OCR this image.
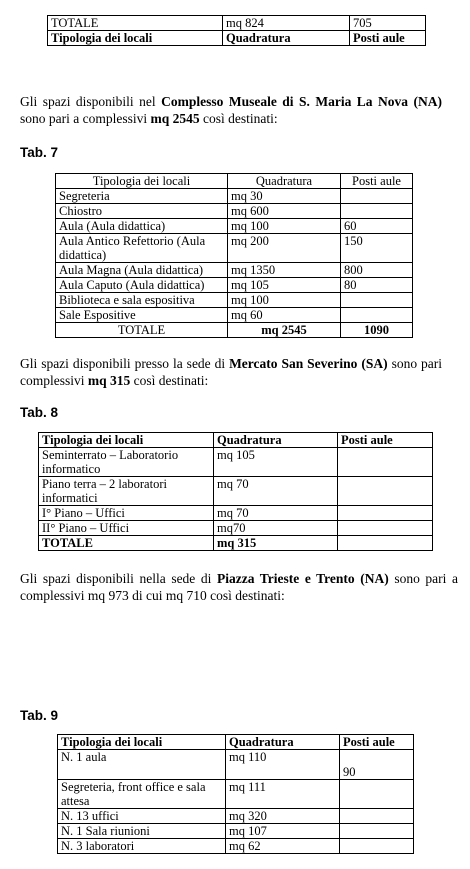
TOTALE	mq 824	705
Tipologia dei locali	Quadratura	Posti aule
Gli spazi disponibili nel Complesso Museale di S. Maria La Nova (NA) sono pari a complessivi mq 2545 così destinati:
Tab. 7
Tipologia dei locali	Quadratura	Posti aule
Segreteria	mq 30	
Chiostro	mq 600	
Aula (Aula didattica)	mq 100	60
Aula Antico Refettorio (Aula didattica)	mq 200	150
Aula Magna (Aula didattica)	mq 1350	800
Aula Caputo (Aula didattica)	mq 105	80
Biblioteca e sala espositiva	mq 100	
Sale Espositive	mq 60	
TOTALE	mq 2545	1090
Gli spazi disponibili presso la sede di Mercato San Severino (SA) sono pari complessivi mq 315 così destinati:
Tab. 8
Tipologia dei locali	Quadratura	Posti aule
Seminterrato – Laboratorio informatico	mq 105	
Piano terra – 2 laboratori informatici	mq 70	
I° Piano – Uffici	mq 70	
II° Piano – Uffici	mq70	
TOTALE	mq 315	
Gli spazi disponibili nella sede di Piazza Trieste e Trento (NA) sono pari a complessivi mq 973 di cui mq 710 così destinati:
Tab. 9
Tipologia dei locali	Quadratura	Posti aule
N. 1 aula	mq 110	90
Segreteria, front office e sala attesa	mq 111	
N. 13 uffici	mq 320	
N. 1 Sala riunioni	mq 107	
N. 3 laboratori	mq 62	
